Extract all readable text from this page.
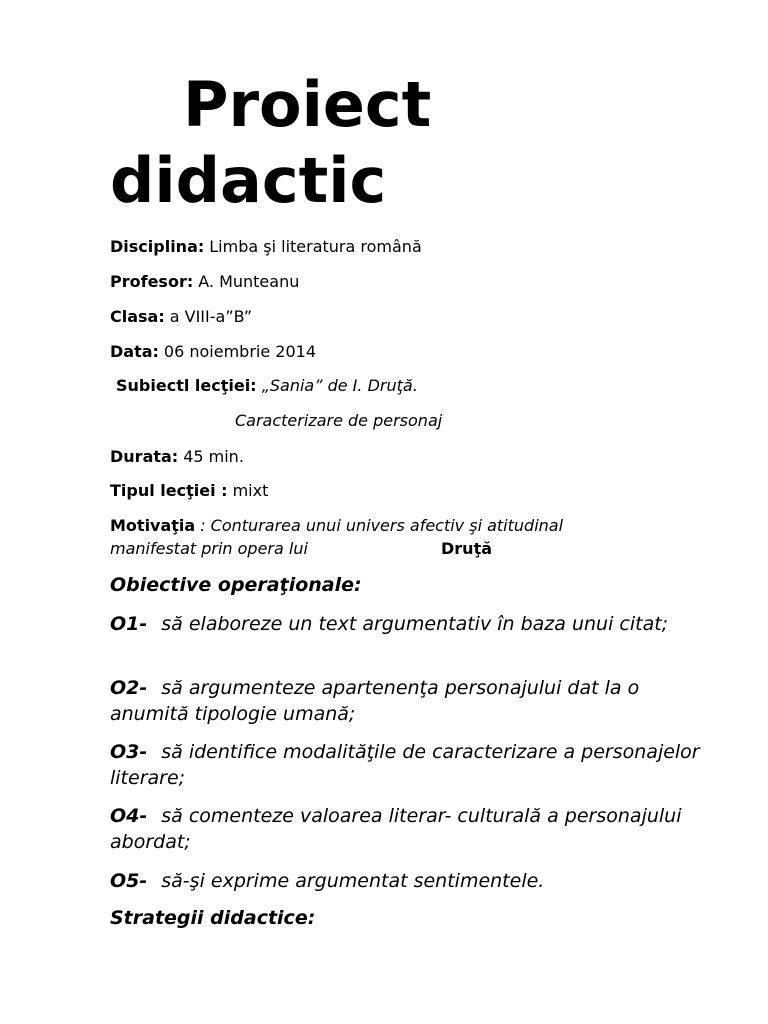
Proiect
didactic
Disciplina: Limba şi literatura română
Profesor: A. Munteanu
Clasa: a VIII-a”B”
Data: 06 noiembrie 2014
Subiectl lecţiei: „Sania” de I. Druţă.
Caracterizare de personaj
Durata: 45 min.
Tipul lecţiei : mixt
Motivaţia : Conturarea unui univers afectiv şi atitudinal
manifestat prin opera lui	Druţă
Obiective operaţionale:
O1- să elaboreze un text argumentativ în baza unui citat;
O2- să argumenteze apartenenţa personajului dat la o anumită tipologie umană;
O3- să identifice modalităţile de caracterizare a personajelor literare;
O4- să comenteze valoarea literar- culturală a personajului abordat;
O5- să-şi exprime argumentat sentimentele.
Strategii didactice:
